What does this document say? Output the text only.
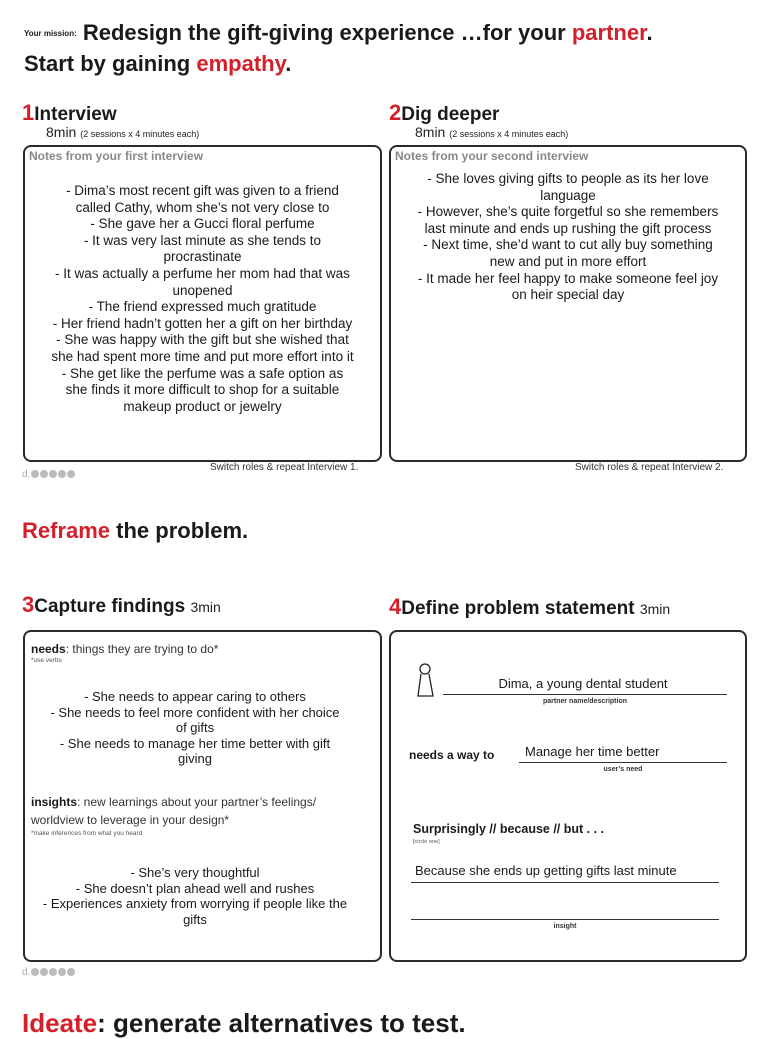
Your mission: Redesign the gift-giving experience …for your partner.
Start by gaining empathy.
1Interview
8min (2 sessions x 4 minutes each)
Notes from your first interview
- Dima’s most recent gift was given to a friend
called Cathy, whom she’s not very close to
- She gave her a Gucci floral perfume
- It was very last minute as she tends to
procrastinate
- It was actually a perfume her mom had that was
unopened
- The friend expressed much gratitude
- Her friend hadn’t gotten her a gift on her birthday
- She was happy with the gift but she wished that
she had spent more time and put more effort into it
- She get like the perfume was a safe option as
she finds it more difficult to shop for a suitable
makeup product or jewelry
Switch roles & repeat Interview 1.
d.
2Dig deeper
8min (2 sessions x 4 minutes each)
Notes from your second interview
- She loves giving gifts to people as its her love
language
- However, she’s quite forgetful so she remembers
last minute and ends up rushing the gift process
- Next time, she’d want to cut ally buy something
new and put in more effort
- It made her feel happy to make someone feel joy
on heir special day
Switch roles & repeat Interview 2.
Reframe the problem.
3Capture findings 3min
needs: things they are trying to do*
*use verbs
- She needs to appear caring to others
- She needs to feel more confident with her choice
of gifts
- She needs to manage her time better with gift
giving
insights: new learnings about your partner’s feelings/
worldview to leverage in your design*
*make inferences from what you heard
- She’s very thoughtful
- She doesn’t plan ahead well and rushes
- Experiences anxiety from worrying if people like the
gifts
d.
4Define problem statement 3min
Dima, a young dental student
partner name/description
needs a way to Manage her time better
user’s need
Surprisingly // because // but . . .
[circle one]
Because she ends up getting gifts last minute
insight
Ideate: generate alternatives to test.
